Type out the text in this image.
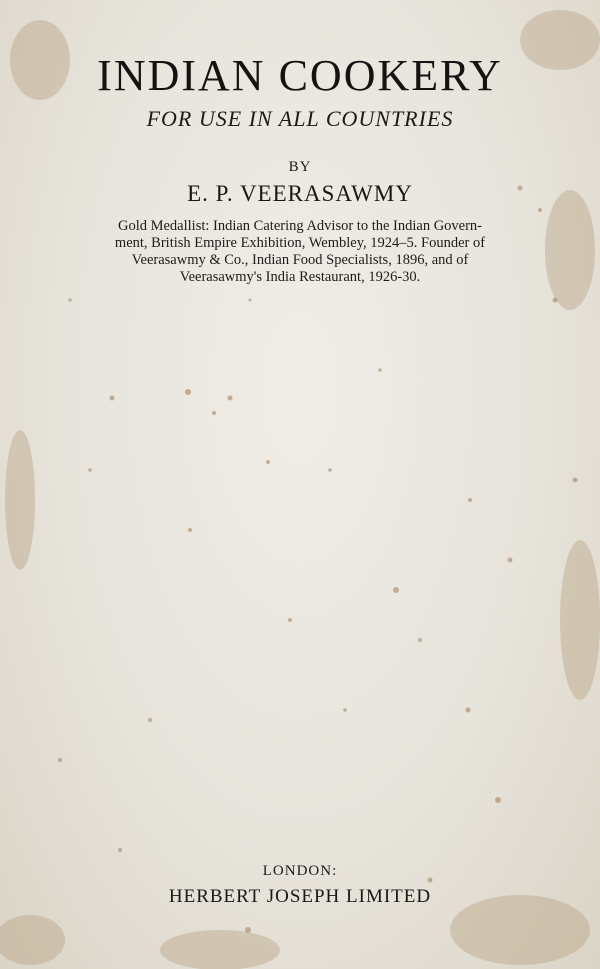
INDIAN COOKERY
FOR USE IN ALL COUNTRIES
BY
E. P. VEERASAWMY
Gold Medallist: Indian Catering Advisor to the Indian Govern-
ment, British Empire Exhibition, Wembley, 1924–5. Founder of
Veerasawmy & Co., Indian Food Specialists, 1896, and of
Veerasawmy's India Restaurant, 1926-30.
LONDON:
HERBERT JOSEPH LIMITED
